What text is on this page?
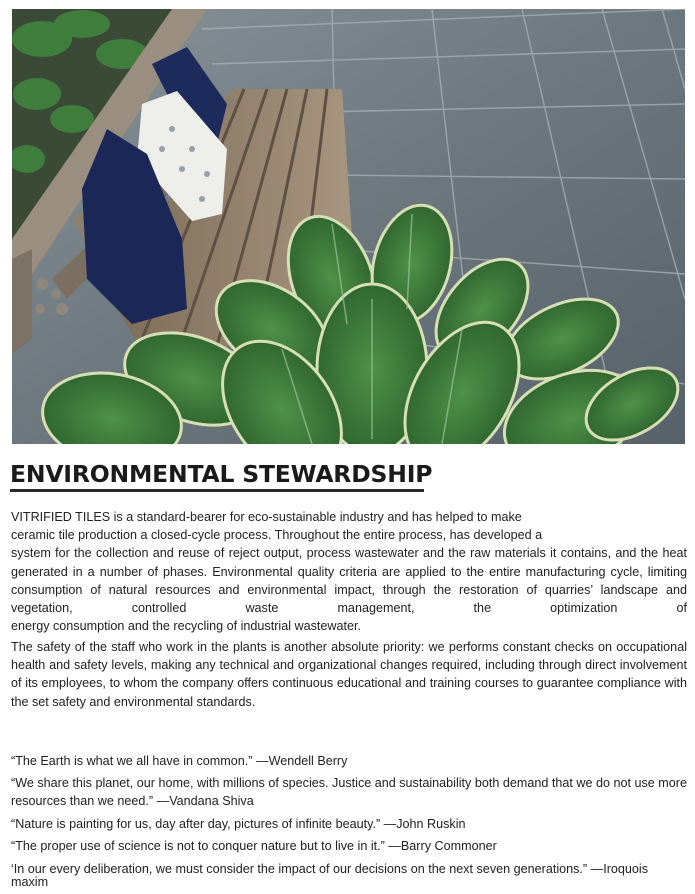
ENVIRONMENTAL STEWARDSHIP

VITRIFIED TILES is a standard-bearer for eco-sustainable industry and has helped to make
ceramic tile production a closed-cycle process. Throughout the entire process, has developed a
system for the collection and reuse of reject output, process wastewater and the raw materials it contains, and the heat generated in a number of phases. Environmental quality criteria are applied to the entire manufacturing cycle, limiting consumption of natural resources and environmental impact, through the restoration of quarries’ landscape and vegetation, controlled waste management, the optimization of
energy consumption and the recycling of industrial wastewater.

The safety of the staff who work in the plants is another absolute priority: we performs constant checks on occupational health and safety levels, making any technical and organizational changes required, including through direct involvement of its employees, to whom the company offers continuous educational and training courses to guarantee compliance with the set safety and environmental standards.

“The Earth is what we all have in common.” —Wendell Berry
“We share this planet, our home, with millions of species. Justice and sustainability both demand that we do not use more resources than we need.” —Vandana Shiva
“Nature is painting for us, day after day, pictures of infinite beauty.” —John Ruskin
“The proper use of science is not to conquer nature but to live in it.” —Barry Commoner
‘In our every deliberation, we must consider the impact of our decisions on the next seven generations.” —Iroquois maxim
